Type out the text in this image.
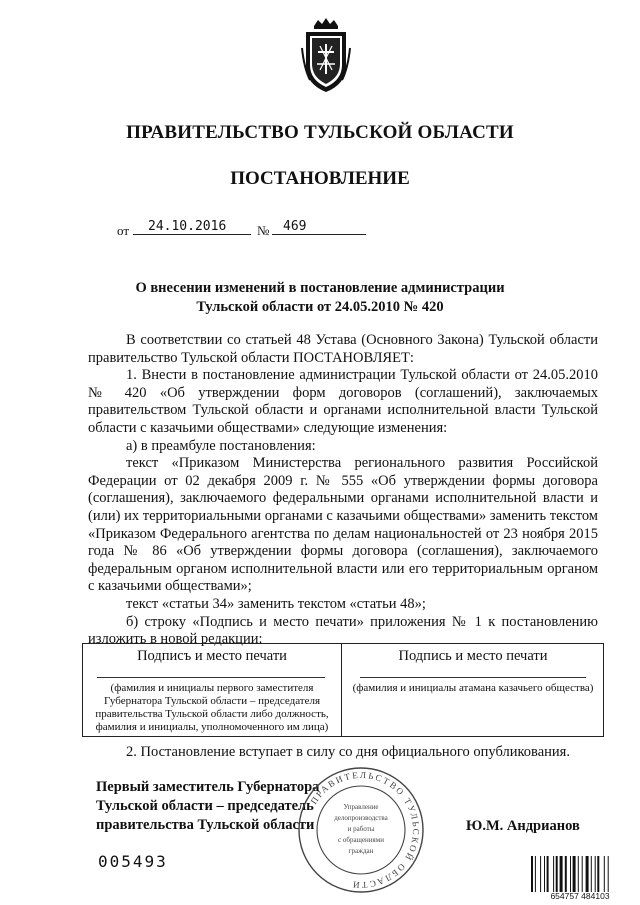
ПРАВИТЕЛЬСТВО ТУЛЬСКОЙ ОБЛАСТИ
ПОСТАНОВЛЕНИЕ
от 24.10.2016 № 469
О внесении изменений в постановление администрации
Тульской области от 24.05.2010 № 420

В соответствии со статьей 48 Устава (Основного Закона) Тульской области правительство Тульской области ПОСТАНОВЛЯЕТ:

1. Внести в постановление администрации Тульской области от 24.05.2010 № 420 «Об утверждении форм договоров (соглашений), заключаемых правительством Тульской области и органами исполнительной власти Тульской области с казачьими обществами» следующие изменения:

а) в преамбуле постановления:

текст «Приказом Министерства регионального развития Российской Федерации от 02 декабря 2009 г. № 555 «Об утверждении формы договора (соглашения), заключаемого федеральными органами исполнительной власти и (или) их территориальными органами с казачьими обществами» заменить текстом «Приказом Федерального агентства по делам национальностей от 23 ноября 2015 года № 86 «Об утверждении формы договора (соглашения), заключаемого федеральным органом исполнительной власти или его территориальным органом с казачьими обществами»;

текст «статьи 34» заменить текстом «статьи 48»;

б) строку «Подпись и место печати» приложения № 1 к постановлению изложить в новой редакции:

Подписъ и место печати
(фамилия и инициалы первого заместителя Губернатора Тульской области – председателя правительства Тульской области либо должность, фамилия и инициалы, уполномоченного им лица)
Подпись и место печати
(фамилия и инициалы атамана казачьего общества)
2. Постановление вступает в силу со дня официального опубликования.
Первый заместитель Губернатора
Тульской области – председатель
правительства Тульской области	Ю.М. Андрианов
ПРАВИТЕЛЬСТВО ТУЛЬСКОЙ ОБЛАСТИ
Управление
делопроизводства
и работы
с обращениями
граждан
005493
654757 484103
